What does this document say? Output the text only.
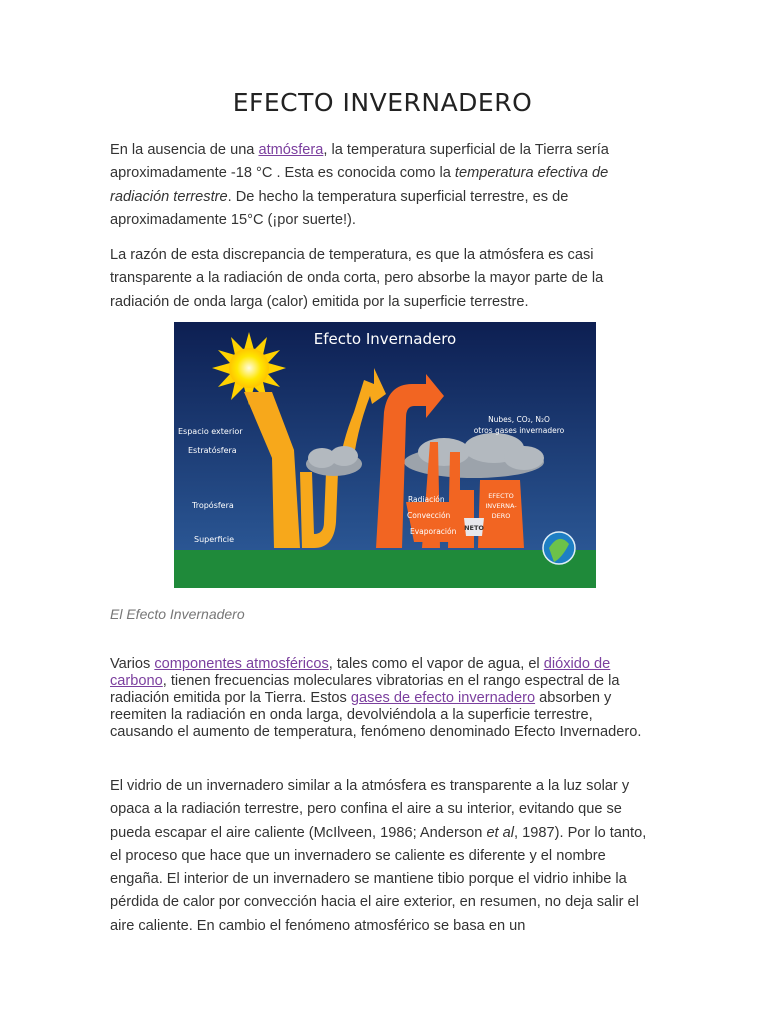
EFECTO INVERNADERO

En la ausencia de una atmósfera, la temperatura superficial de la Tierra sería aproximadamente -18 °C . Esta es conocida como la temperatura efectiva de radiación terrestre. De hecho la temperatura superficial terrestre, es de aproximadamente 15°C (¡por suerte!).

La razón de esta discrepancia de temperatura, es que la atmósfera es casi transparente a la radiación de onda corta, pero absorbe la mayor parte de la radiación de onda larga (calor) emitida por la superficie terrestre.

Efecto Invernadero
Espacio exterior
Estratósfera
Tropósfera
Superficie
Nubes, CO₂, N₂O
otros gases invernadero
Radiación
Convección
Evaporación NETO
EFECTO
INVERNA-
DERO

El Efecto Invernadero

Varios componentes atmosféricos, tales como el vapor de agua, el dióxido de carbono, tienen frecuencias moleculares vibratorias en el rango espectral de la radiación emitida por la Tierra. Estos gases de efecto invernadero absorben y reemiten la radiación en onda larga, devolviéndola a la superficie terrestre, causando el aumento de temperatura, fenómeno denominado Efecto Invernadero.

El vidrio de un invernadero similar a la atmósfera es transparente a la luz solar y opaca a la radiación terrestre, pero confina el aire a su interior, evitando que se pueda escapar el aire caliente (McIlveen, 1986; Anderson et al, 1987). Por lo tanto, el proceso que hace que un invernadero se caliente es diferente y el nombre engaña. El interior de un invernadero se mantiene tibio porque el vidrio inhibe la pérdida de calor por convección hacia el aire exterior, en resumen, no deja salir el aire caliente. En cambio el fenómeno atmosférico se basa en un
